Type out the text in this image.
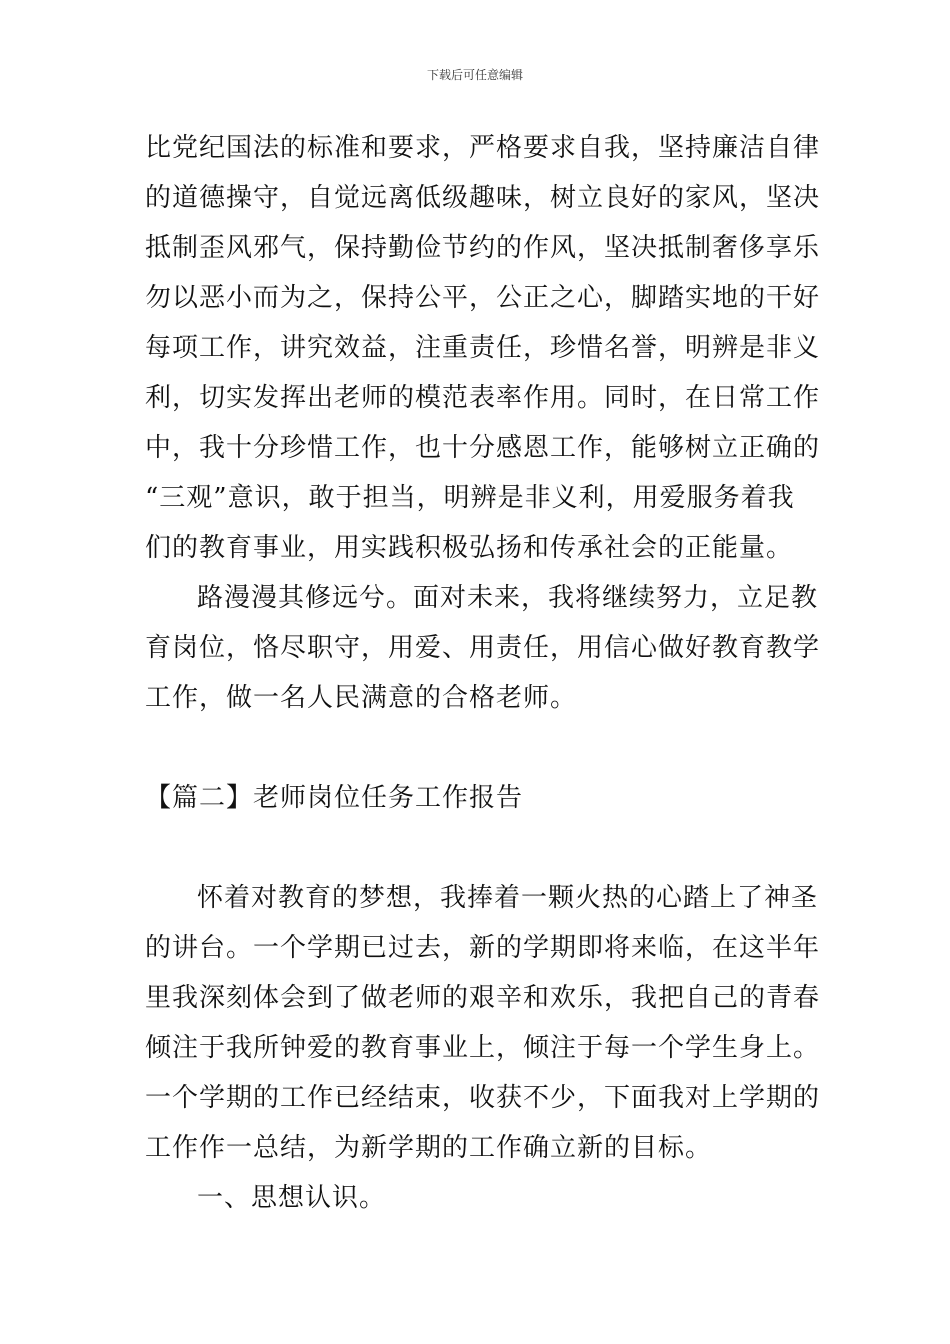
下载后可任意编辑
比党纪国法的标准和要求，严格要求自我，坚持廉洁自律
的道德操守，自觉远离低级趣味，树立良好的家风，坚决
抵制歪风邪气，保持勤俭节约的作风，坚决抵制奢侈享乐
勿以恶小而为之，保持公平，公正之心，脚踏实地的干好
每项工作，讲究效益，注重责任，珍惜名誉，明辨是非义
利，切实发挥出老师的模范表率作用。同时，在日常工作
中，我十分珍惜工作，也十分感恩工作，能够树立正确的
“三观”意识，敢于担当，明辨是非义利，用爱服务着我
们的教育事业，用实践积极弘扬和传承社会的正能量。
路漫漫其修远兮。面对未来，我将继续努力，立足教
育岗位，恪尽职守，用爱、用责任，用信心做好教育教学
工作，做一名人民满意的合格老师。
【篇二】老师岗位任务工作报告
怀着对教育的梦想，我捧着一颗火热的心踏上了神圣
的讲台。一个学期已过去，新的学期即将来临，在这半年
里我深刻体会到了做老师的艰辛和欢乐，我把自己的青春
倾注于我所钟爱的教育事业上，倾注于每一个学生身上。
一个学期的工作已经结束，收获不少，下面我对上学期的
工作作一总结，为新学期的工作确立新的目标。
一、思想认识。
